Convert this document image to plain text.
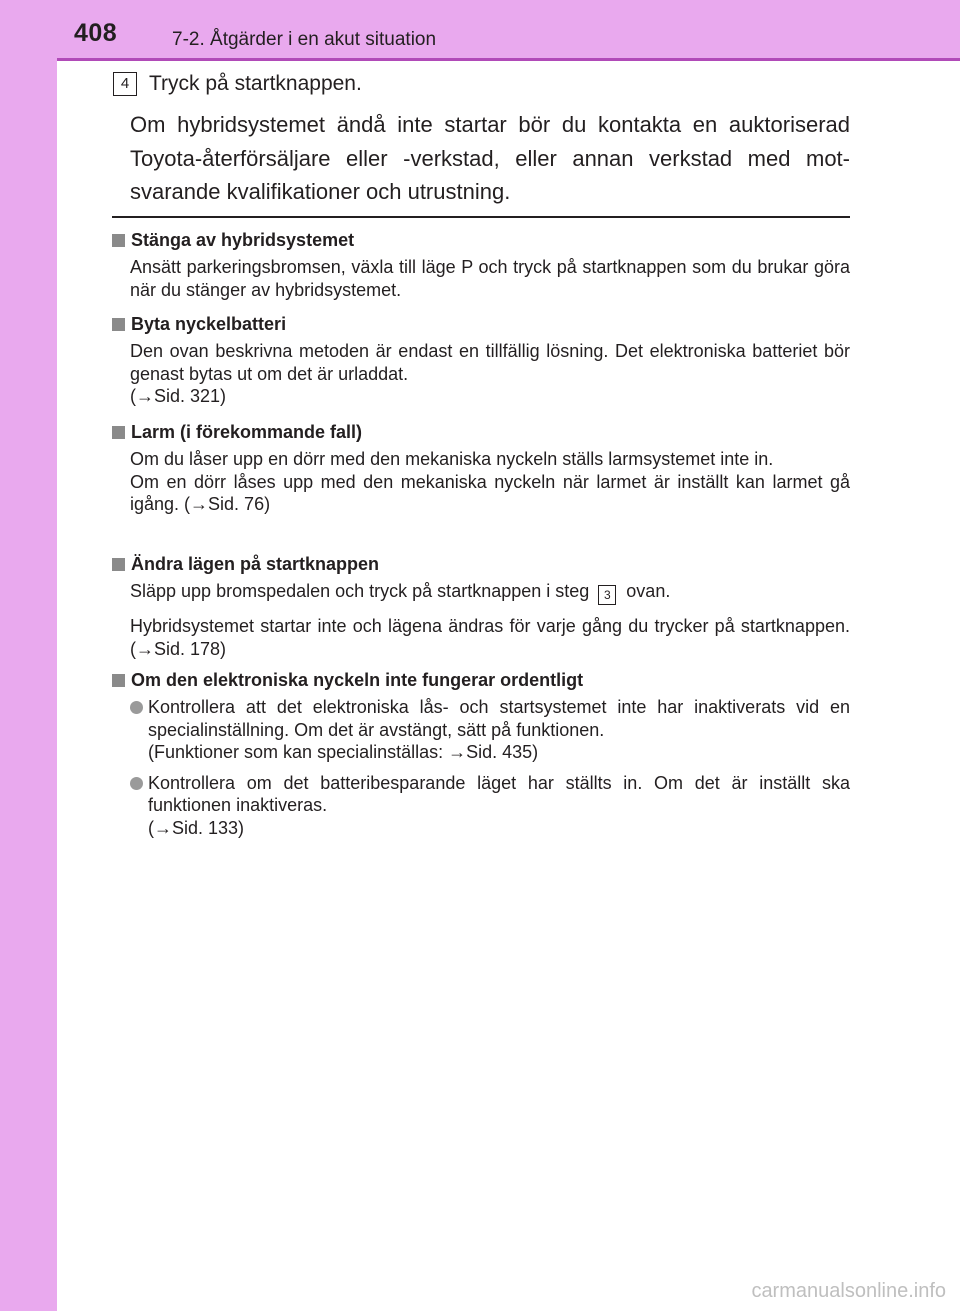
408	7-2. Åtgärder i en akut situation
4 Tryck på startknappen.
Om hybridsystemet ändå inte startar bör du kontakta en auktoriserad Toyota-återförsäljare eller -verkstad, eller annan verkstad med mot-svarande kvalifikationer och utrustning.
Stänga av hybridsystemet

Ansätt parkeringsbromsen, växla till läge P och tryck på startknappen som du brukar göra när du stänger av hybridsystemet.

Byta nyckelbatteri
Den ovan beskrivna metoden är endast en tillfällig lösning. Det elektroniska batteriet bör genast bytas ut om det är urladdat.
(→Sid. 321)
Larm (i förekommande fall)
Om du låser upp en dörr med den mekaniska nyckeln ställs larmsystemet inte in.
Om en dörr låses upp med den mekaniska nyckeln när larmet är inställt kan larmet gå igång. (→Sid. 76)
Ändra lägen på startknappen

Släpp upp bromspedalen och tryck på startknappen i steg 3 ovan.

Hybridsystemet startar inte och lägena ändras för varje gång du trycker på startknappen. (→Sid. 178)

Om den elektroniska nyckeln inte fungerar ordentligt
Kontrollera att det elektroniska lås- och startsystemet inte har inaktiverats vid en specialinställning. Om det är avstängt, sätt på funktionen.
(Funktioner som kan specialinställas: →Sid. 435)
Kontrollera om det batteribesparande läget har ställts in. Om det är inställt ska funktionen inaktiveras.
(→Sid. 133)
carmanualsonline.info
